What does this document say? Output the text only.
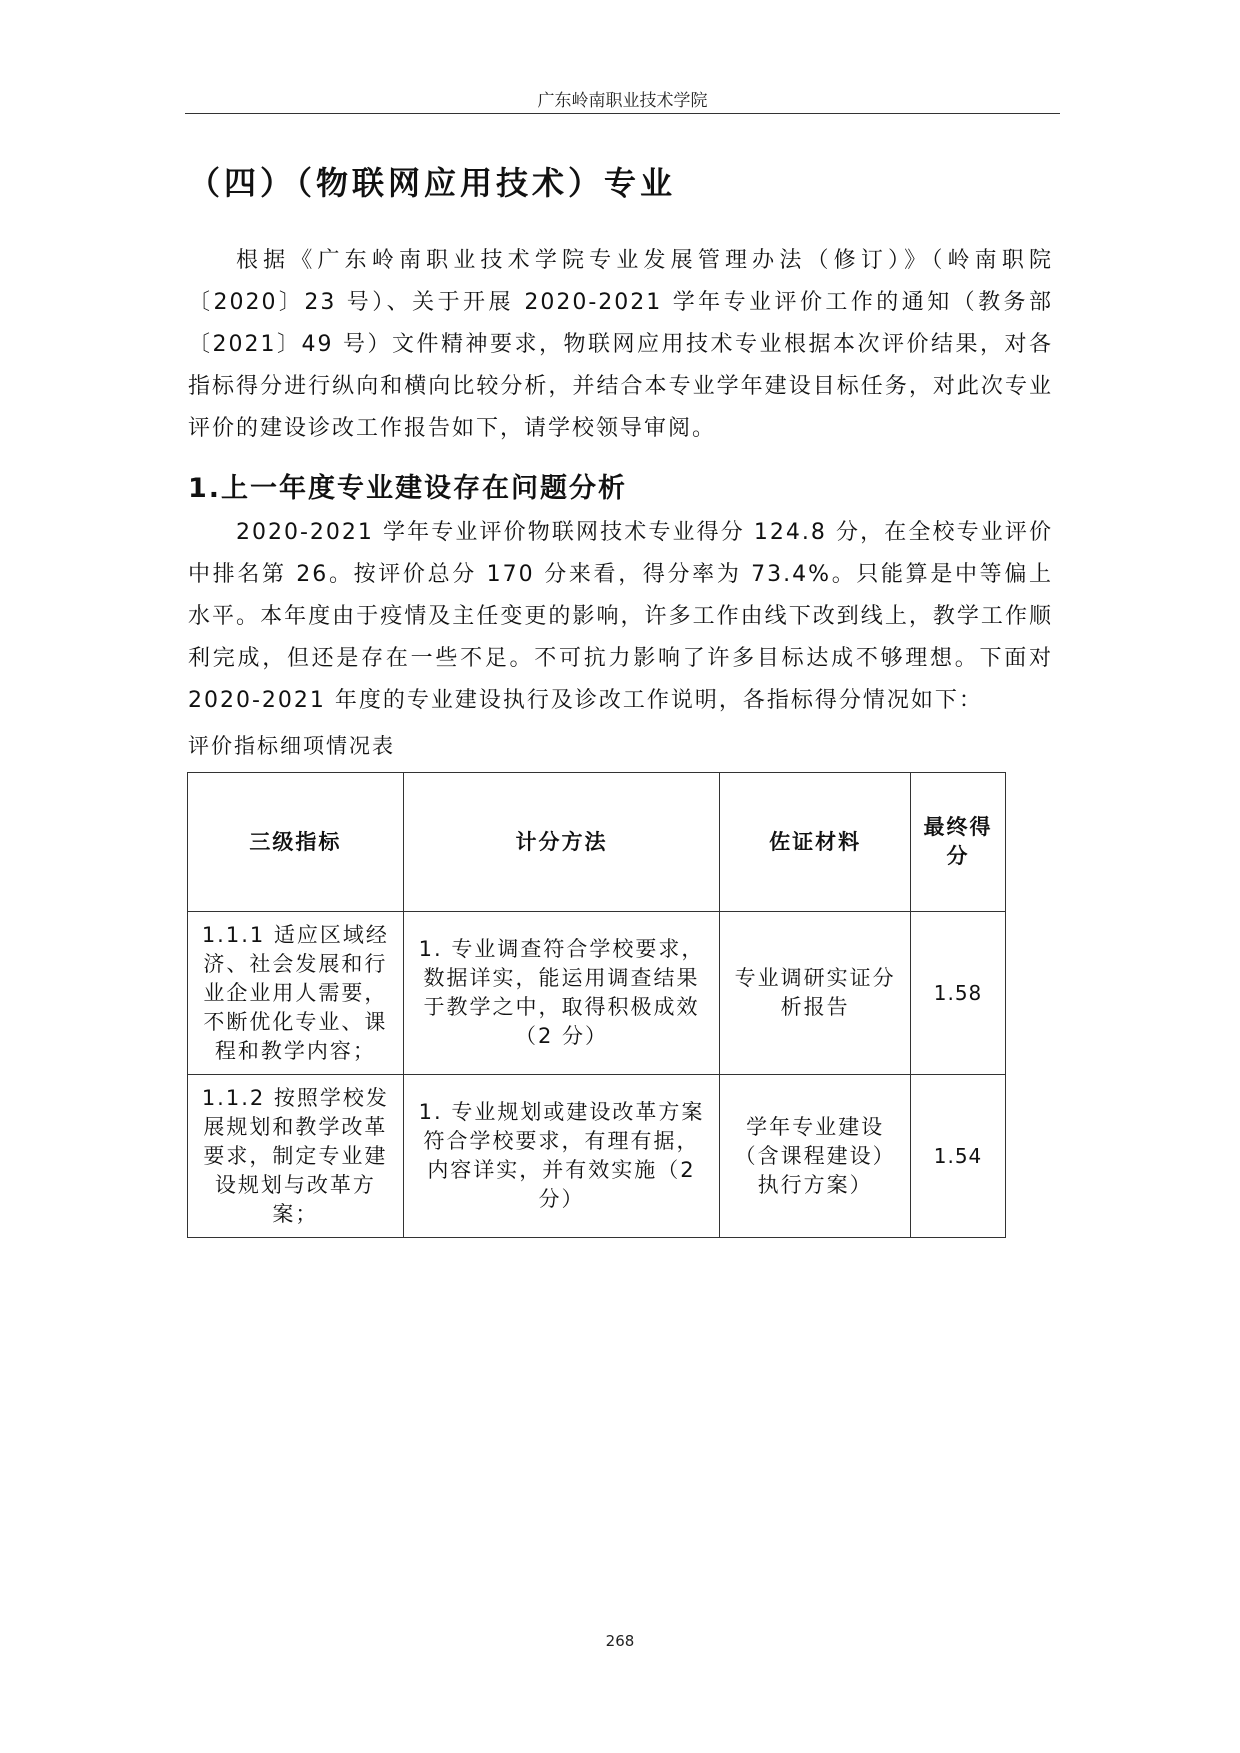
广东岭南职业技术学院
（四）（物联网应用技术）专业

根据《广东岭南职业技术学院专业发展管理办法（修订）》（岭南职院〔2020〕23 号）、关于开展 2020-2021 学年专业评价工作的通知（教务部 〔2021〕49 号）文件精神要求，物联网应用技术专业根据本次评价结果，对各指标得分进行纵向和横向比较分析，并结合本专业学年建设目标任务，对此次专业评价的建设诊改工作报告如下，请学校领导审阅。

1.上一年度专业建设存在问题分析

2020-2021 学年专业评价物联网技术专业得分 124.8 分，在全校专业评价中排名第 26。按评价总分 170 分来看，得分率为 73.4%。只能算是中等偏上水平。本年度由于疫情及主任变更的影响，许多工作由线下改到线上，教学工作顺利完成，但还是存在一些不足。不可抗力影响了许多目标达成不够理想。下面对 2020-2021 年度的专业建设执行及诊改工作说明，各指标得分情况如下：

评价指标细项情况表
三级指标	计分方法	佐证材料	最终得分
1.1.1 适应区域经济、社会发展和行业企业用人需要，不断优化专业、课程和教学内容；	1. 专业调查符合学校要求，数据详实，能运用调查结果于教学之中，取得积极成效（2 分）	专业调研实证分析报告	1.58
1.1.2 按照学校发展规划和教学改革要求，制定专业建设规划与改革方案；	1. 专业规划或建设改革方案符合学校要求，有理有据，内容详实，并有效实施（2 分）	学年专业建设（含课程建设）执行方案）	1.54
268
